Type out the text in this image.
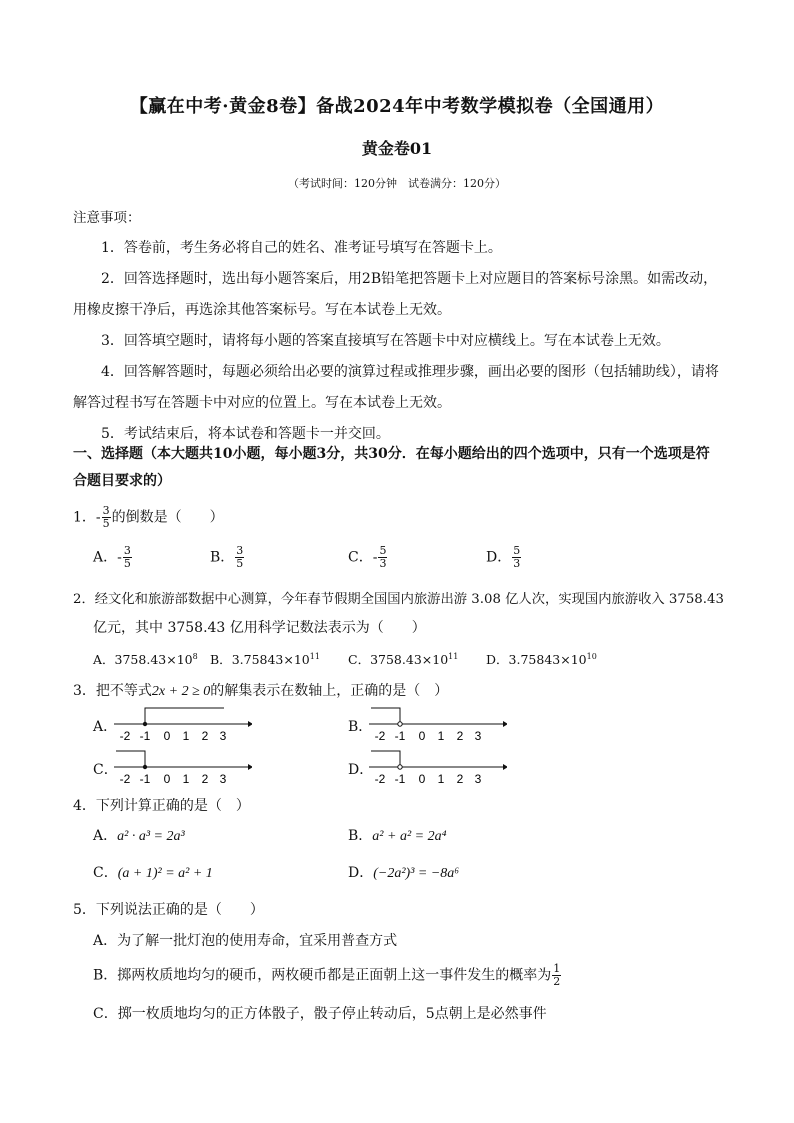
【赢在中考·黄金8卷】备战2024年中考数学模拟卷（全国通用）
黄金卷01
（考试时间：120分钟　试卷满分：120分）
注意事项：
1．答卷前，考生务必将自己的姓名、准考证号填写在答题卡上。
2．回答选择题时，选出每小题答案后，用2B铅笔把答题卡上对应题目的答案标号涂黑。如需改动，
用橡皮擦干净后，再选涂其他答案标号。写在本试卷上无效。
3．回答填空题时，请将每小题的答案直接填写在答题卡中对应横线上。写在本试卷上无效。
4．回答解答题时，每题必须给出必要的演算过程或推理步骤，画出必要的图形（包括辅助线），请将
解答过程书写在答题卡中对应的位置上。写在本试卷上无效。
5．考试结束后，将本试卷和答题卡一并交回。
一、选择题（本大题共10小题，每小题3分，共30分．在每小题给出的四个选项中，只有一个选项是符
合题目要求的）
1．- $\frac{3}{5}$ 的倒数是（　　）
A．- $\frac{3}{5}$	B． $\frac{3}{5}$	C．- $\frac{5}{3}$	D． $\frac{5}{3}$
2．经文化和旅游部数据中心测算，今年春节假期全国国内旅游出游 3.08 亿人次，实现国内旅游收入 3758.43
亿元，其中 3758.43 亿用科学记数法表示为（　　）
A．$3758.43\times 10^8$ B．$3.75843\times 10^{11}$ C．$3758.43\times 10^{11}$ D．$3.75843\times 10^{10}$
3．把不等式2x + 2 ≥ 0的解集表示在数轴上，正确的是（　）
A．
-2 -1 0 1 2 3
B．
-2 -1 0 1 2 3
C．
-2 -1 0 1 2 3
D．
-2 -1 0 1 2 3
4．下列计算正确的是（　）
A．a² · a³ = 2a³	B．a² + a² = 2a⁴
C．(a + 1)² = a² + 1	D．(−2a²)³ = −8a⁶
5．下列说法正确的是（　　）
A．为了解一批灯泡的使用寿命，宜采用普查方式
B．掷两枚质地均匀的硬币，两枚硬币都是正面朝上这一事件发生的概率为 $\frac{1}{2}$
C．掷一枚质地均匀的正方体骰子，骰子停止转动后，5点朝上是必然事件
